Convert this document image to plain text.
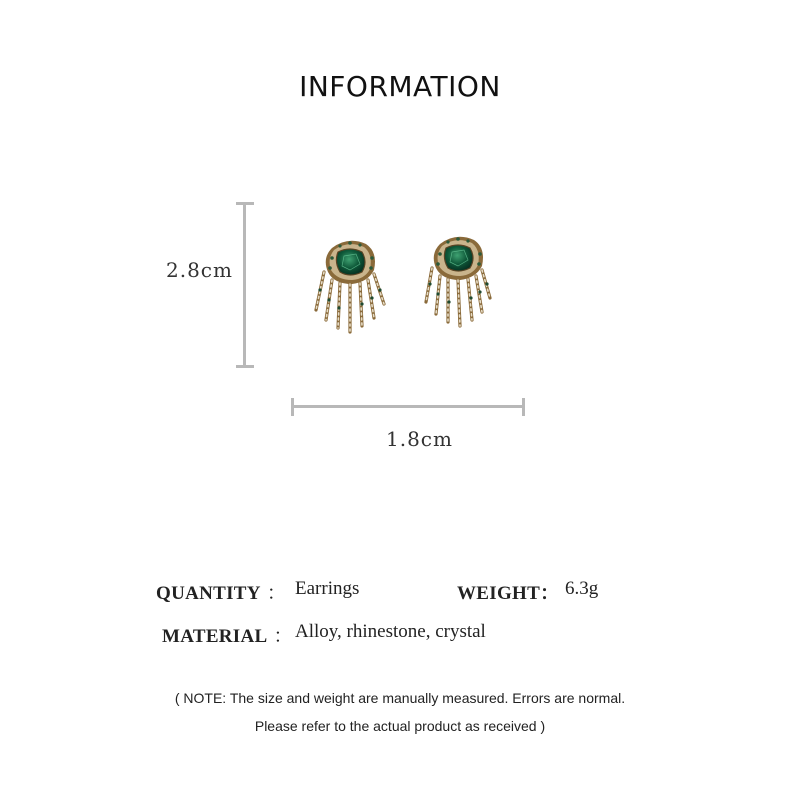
INFORMATION
2.8cm
1.8cm
QUANTITY ： Earrings	WEIGHT： 6.3g
MATERIAL ： Alloy, rhinestone, crystal
( NOTE: The size and weight are manually measured. Errors are normal.
Please refer to the actual product as received )
